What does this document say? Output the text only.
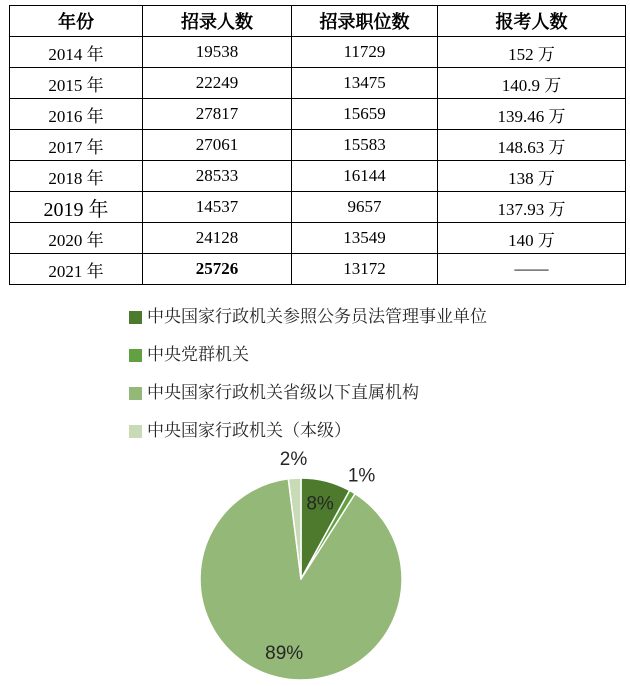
年份	招录人数	招录职位数	报考人数
2014 年	19538	11729	152 万
2015 年	22249	13475	140.9 万
2016 年	27817	15659	139.46 万
2017 年	27061	15583	148.63 万
2018 年	28533	16144	138 万
2019 年	14537	9657	137.93 万
2020 年	24128	13549	140 万
2021 年	25726	13172	——
中央国家行政机关参照公务员法管理事业单位
中央党群机关
中央国家行政机关省级以下直属机构
中央国家行政机关（本级）
8%
1%
89%
2%
